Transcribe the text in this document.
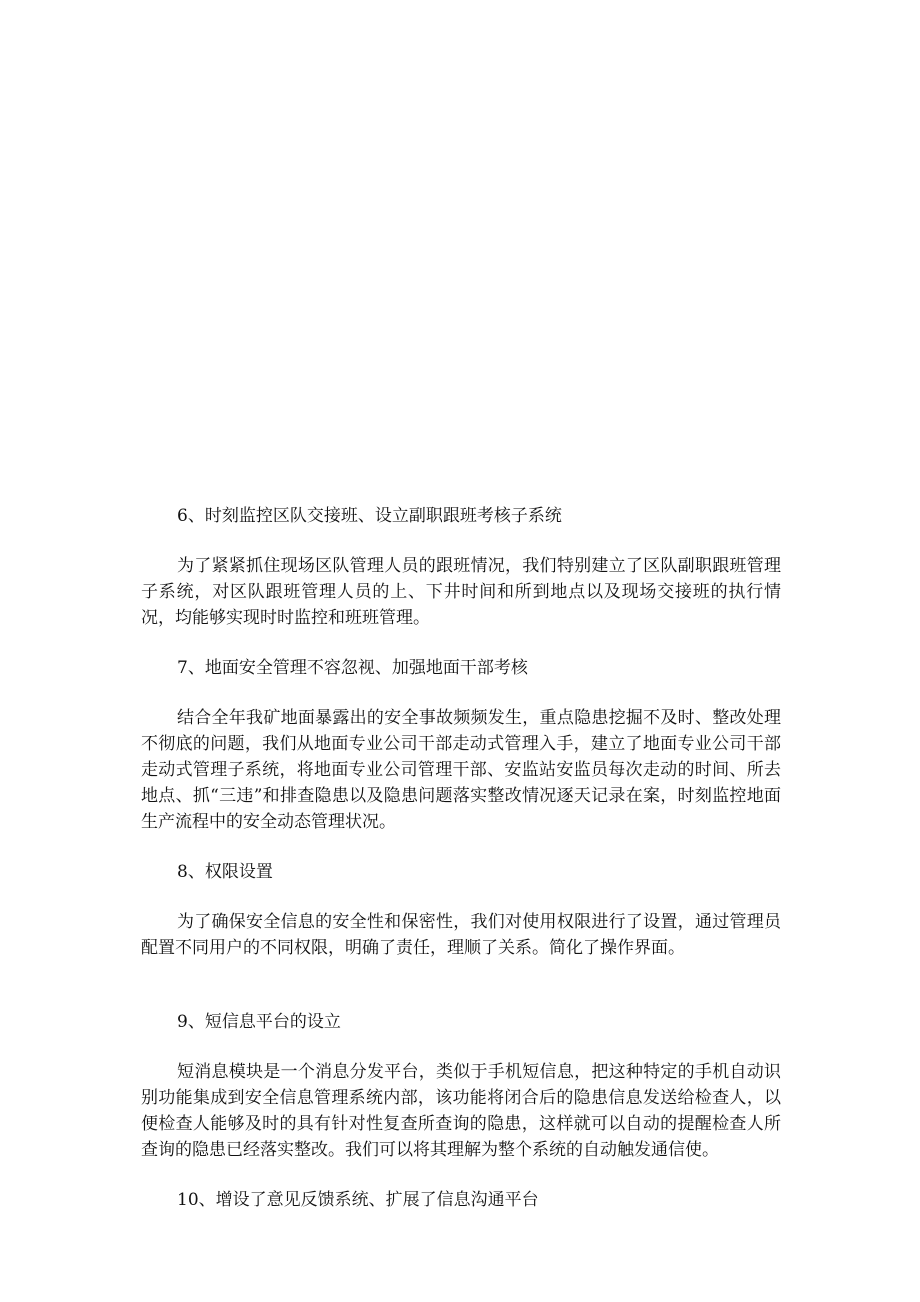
6、时刻监控区队交接班、设立副职跟班考核子系统

为了紧紧抓住现场区队管理人员的跟班情况，我们特别建立了区队副职跟班管理子系统，对区队跟班管理人员的上、下井时间和所到地点以及现场交接班的执行情况，均能够实现时时监控和班班管理。

7、地面安全管理不容忽视、加强地面干部考核

结合全年我矿地面暴露出的安全事故频频发生，重点隐患挖掘不及时、整改处理不彻底的问题，我们从地面专业公司干部走动式管理入手，建立了地面专业公司干部走动式管理子系统，将地面专业公司管理干部、安监站安监员每次走动的时间、所去地点、抓“三违”和排查隐患以及隐患问题落实整改情况逐天记录在案，时刻监控地面生产流程中的安全动态管理状况。

8、权限设置

为了确保安全信息的安全性和保密性，我们对使用权限进行了设置，通过管理员配置不同用户的不同权限，明确了责任，理顺了关系。简化了操作界面。

9、短信息平台的设立

短消息模块是一个消息分发平台，类似于手机短信息，把这种特定的手机自动识别功能集成到安全信息管理系统内部，该功能将闭合后的隐患信息发送给检查人，以便检查人能够及时的具有针对性复查所查询的隐患，这样就可以自动的提醒检查人所查询的隐患已经落实整改。我们可以将其理解为整个系统的自动触发通信使。

10、增设了意见反馈系统、扩展了信息沟通平台
